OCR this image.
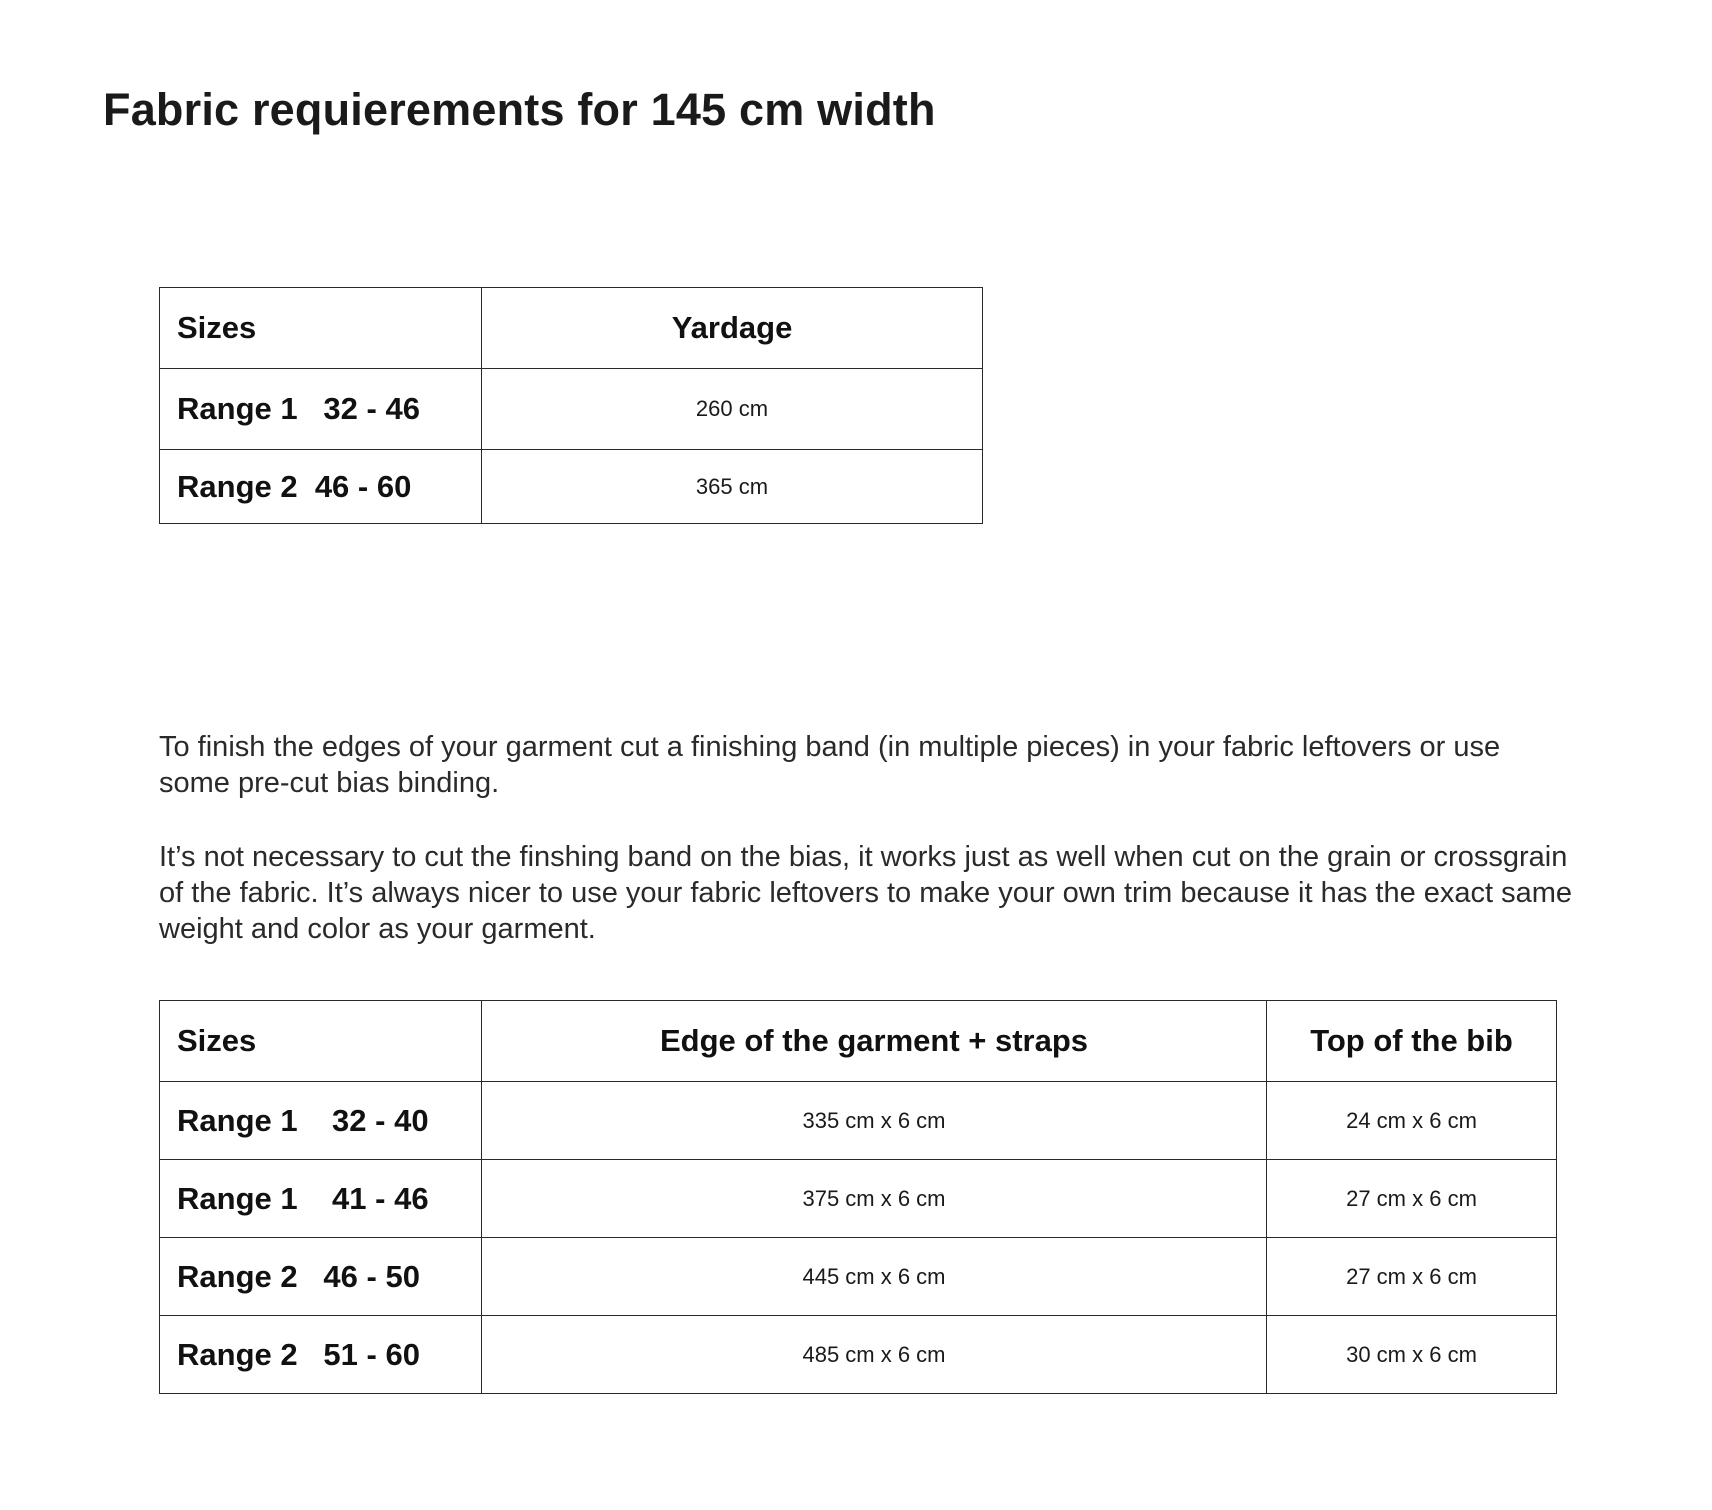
Fabric requierements for 145 cm width
Sizes	Yardage
Range 1   32 - 46	260 cm
Range 2  46 - 60	365 cm

To finish the edges of your garment cut a finishing band (in multiple pieces) in your fabric leftovers or use some pre-cut bias binding.

It’s not necessary to cut the finshing band on the bias, it works just as well when cut on the grain or crossgrain of the fabric. It’s always nicer to use your fabric leftovers to make your own trim because it has the exact same weight and color as your garment.

Sizes	Edge of the garment + straps	Top of the bib
Range 1    32 - 40	335 cm x 6 cm	24 cm x 6 cm
Range 1    41 - 46	375 cm x 6 cm	27 cm x 6 cm
Range 2   46 - 50	445 cm x 6 cm	27 cm x 6 cm
Range 2   51 - 60	485 cm x 6 cm	30 cm x 6 cm
